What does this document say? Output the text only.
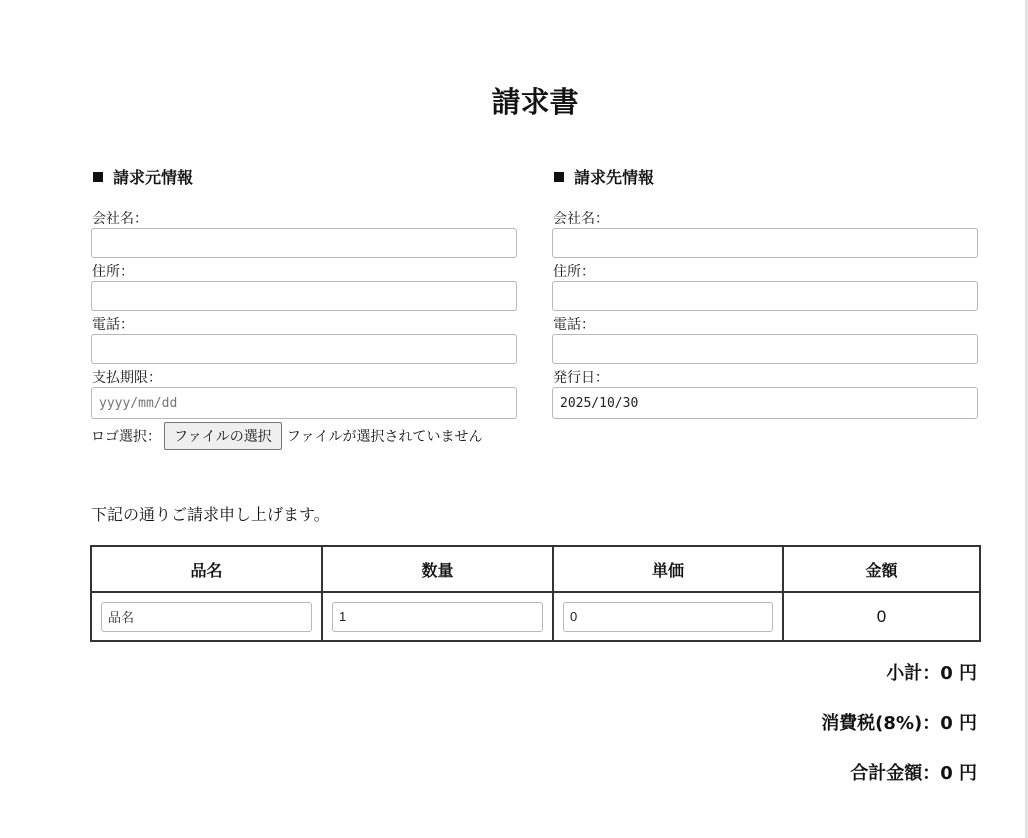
請求書
請求元情報
会社名：
住所：
電話：
支払期限：
yyyy/mm/dd
ロゴ選択： ファイルの選択	ファイルが選択されていません
請求先情報
会社名：
住所：
電話：
発行日：
2025/10/30
下記の通りご請求申し上げます。
品名	数量	単価	金額
品名	1	0	0
小計：0 円
消費税(8%)：0 円
合計金額：0 円
